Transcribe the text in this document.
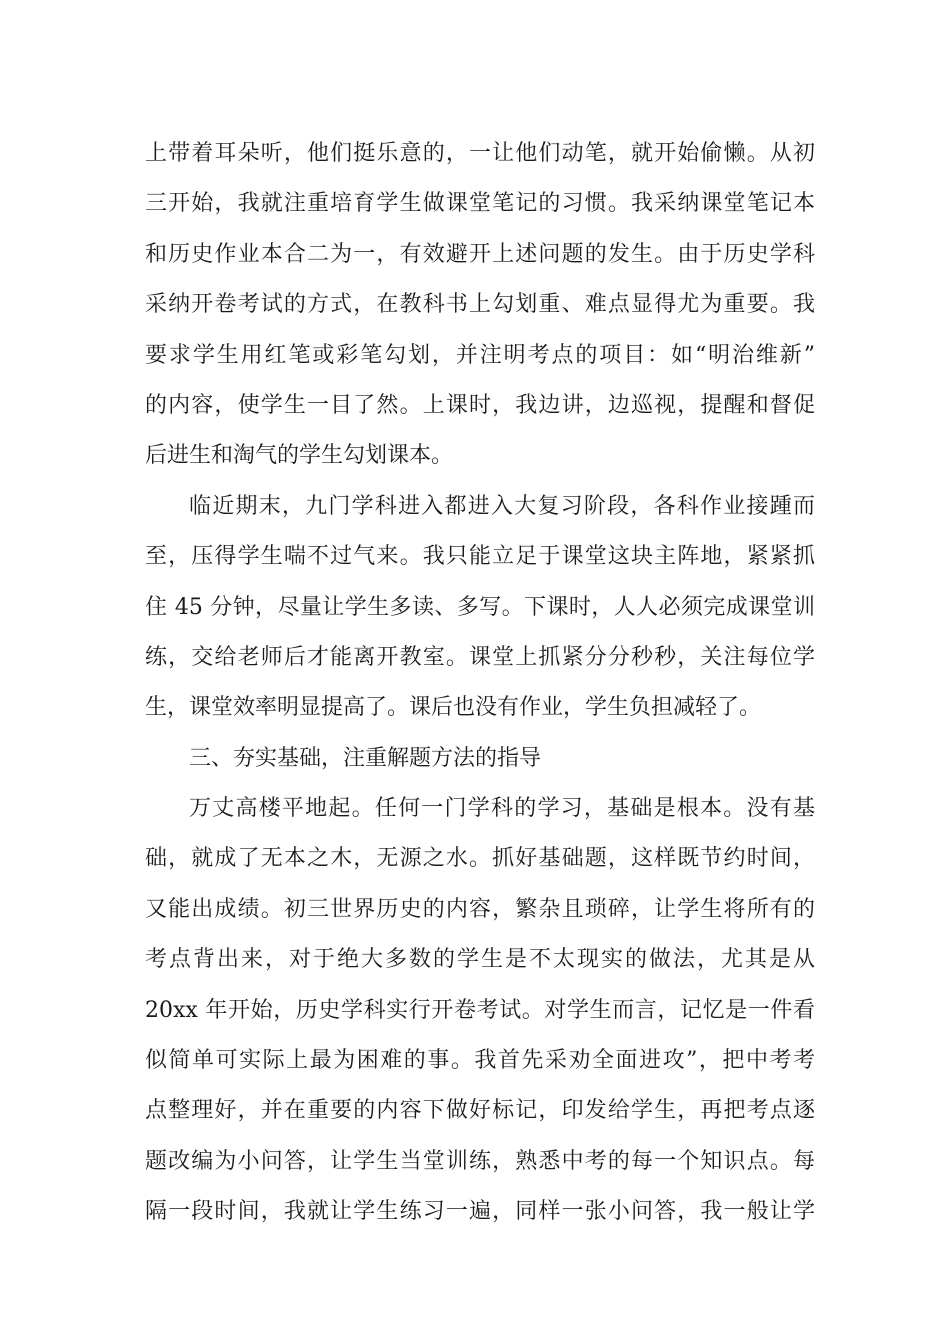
上带着耳朵听，他们挺乐意的，一让他们动笔，就开始偷懒。从初
三开始，我就注重培育学生做课堂笔记的习惯。我采纳课堂笔记本
和历史作业本合二为一，有效避开上述问题的发生。由于历史学科
采纳开卷考试的方式，在教科书上勾划重、难点显得尤为重要。我
要求学生用红笔或彩笔勾划，并注明考点的项目：如“明治维新”
的内容，使学生一目了然。上课时，我边讲，边巡视，提醒和督促
后进生和淘气的学生勾划课本。
临近期末，九门学科进入都进入大复习阶段，各科作业接踵而
至，压得学生喘不过气来。我只能立足于课堂这块主阵地，紧紧抓
住 45 分钟，尽量让学生多读、多写。下课时，人人必须完成课堂训
练，交给老师后才能离开教室。课堂上抓紧分分秒秒，关注每位学
生，课堂效率明显提高了。课后也没有作业，学生负担减轻了。
三、夯实基础，注重解题方法的指导
万丈高楼平地起。任何一门学科的学习，基础是根本。没有基
础，就成了无本之木，无源之水。抓好基础题，这样既节约时间，
又能出成绩。初三世界历史的内容，繁杂且琐碎，让学生将所有的
考点背出来，对于绝大多数的学生是不太现实的做法，尤其是从
20xx 年开始，历史学科实行开卷考试。对学生而言，记忆是一件看
似简单可实际上最为困难的事。我首先采劝全面进攻”，把中考考
点整理好，并在重要的内容下做好标记，印发给学生，再把考点逐
题改编为小问答，让学生当堂训练，熟悉中考的每一个知识点。每
隔一段时间，我就让学生练习一遍，同样一张小问答，我一般让学
